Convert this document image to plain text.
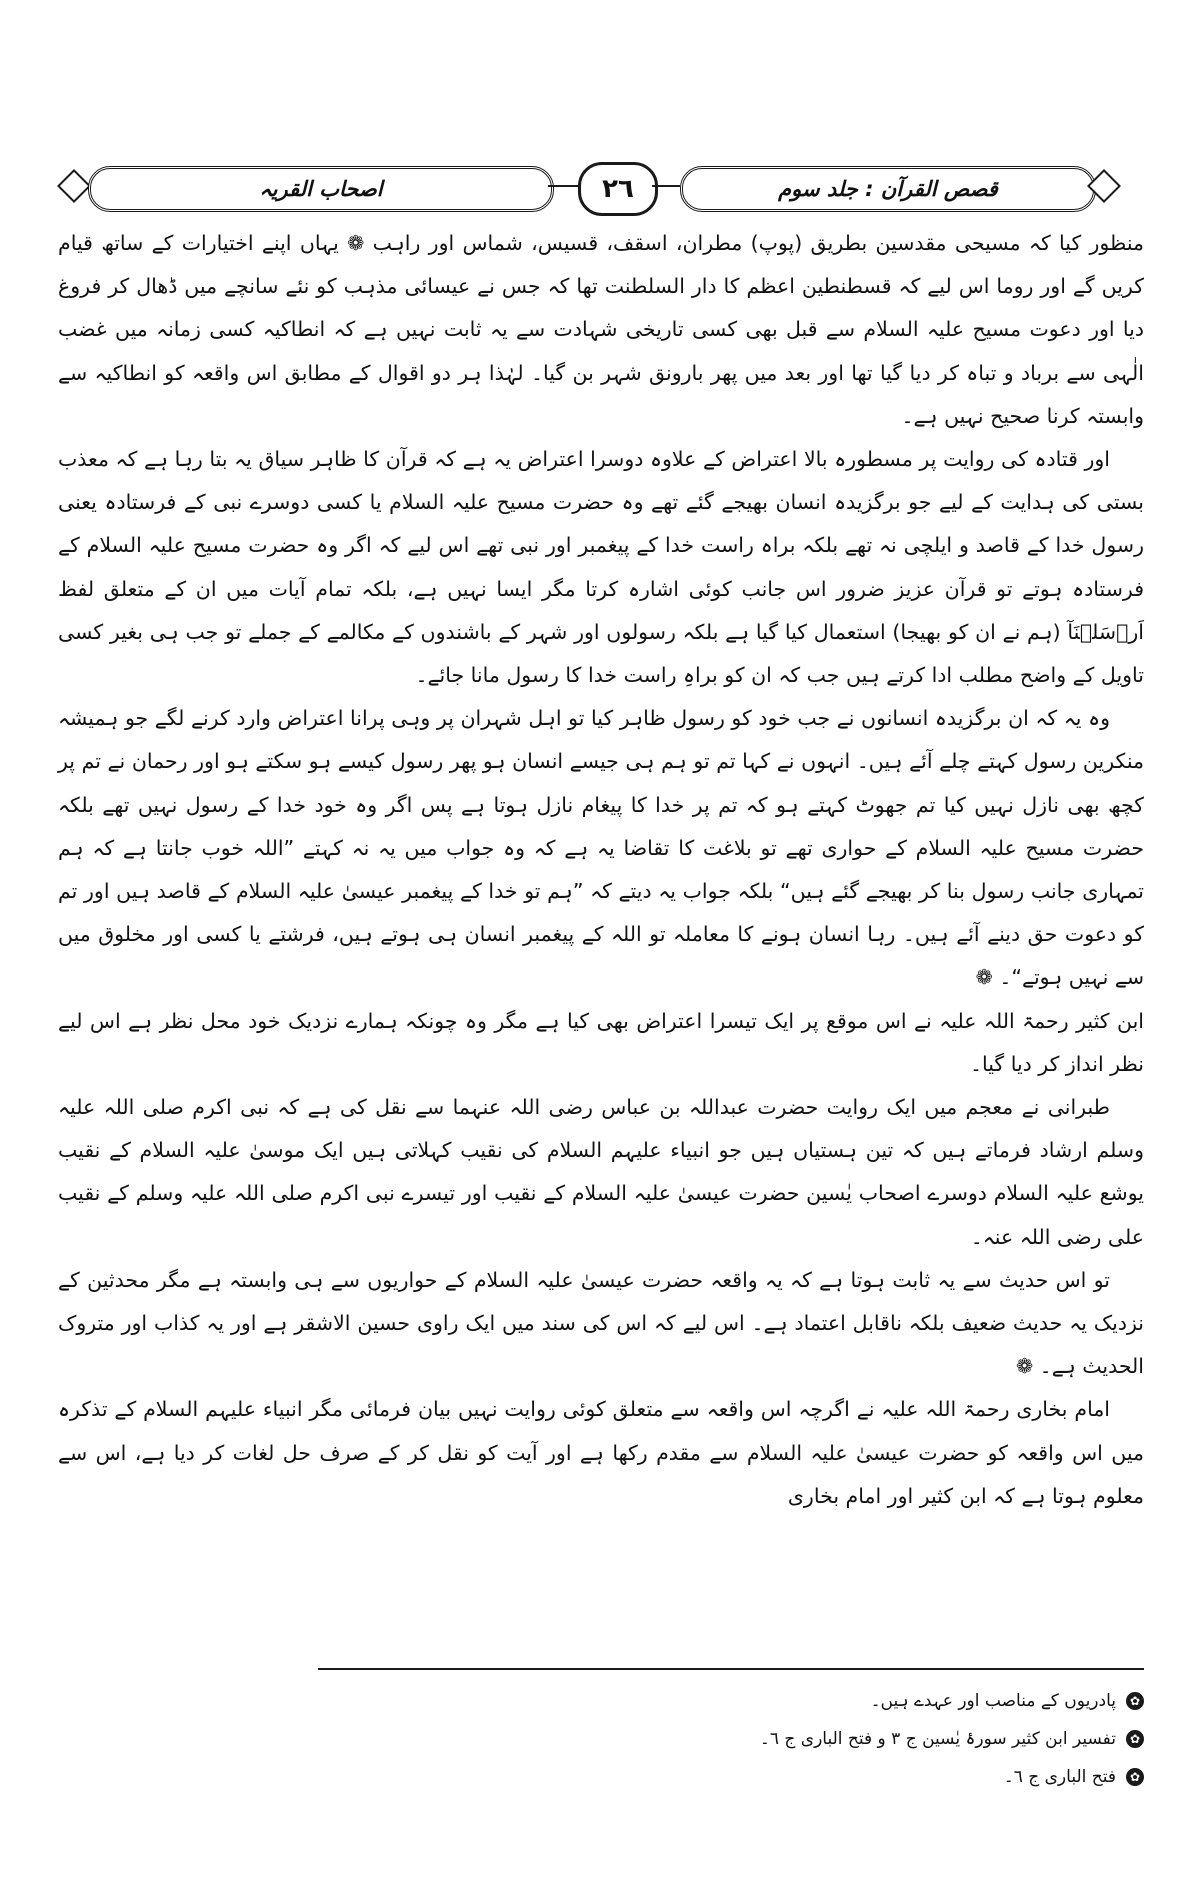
اصحاب القریہ	٢٦	قصص القرآن : جلد سوم

منظور کیا کہ مسیحی مقدسین بطریق (پوپ) مطران، اسقف، قسیس، شماس اور راہب ❁ یہاں اپنے اختیارات کے ساتھ قیام کریں گے اور روما اس لیے کہ قسطنطین اعظم کا دار السلطنت تھا کہ جس نے عیسائی مذہب کو نئے سانچے میں ڈھال کر فروغ دیا اور دعوت مسیح علیہ السلام سے قبل بھی کسی تاریخی شہادت سے یہ ثابت نہیں ہے کہ انطاکیہ کسی زمانہ میں غضب الٰہی سے برباد و تباہ کر دیا گیا تھا اور بعد میں پھر بارونق شہر بن گیا۔ لہٰذا ہر دو اقوال کے مطابق اس واقعہ کو انطاکیہ سے وابستہ کرنا صحیح نہیں ہے۔

اور قتادہ کی روایت پر مسطورہ بالا اعتراض کے علاوہ دوسرا اعتراض یہ ہے کہ قرآن کا ظاہر سیاق یہ بتا رہا ہے کہ معذب بستی کی ہدایت کے لیے جو برگزیدہ انسان بھیجے گئے تھے وہ حضرت مسیح علیہ السلام یا کسی دوسرے نبی کے فرستادہ یعنی رسول خدا کے قاصد و ایلچی نہ تھے بلکہ براہ راست خدا کے پیغمبر اور نبی تھے اس لیے کہ اگر وہ حضرت مسیح علیہ السلام کے فرستادہ ہوتے تو قرآن عزیز ضرور اس جانب کوئی اشارہ کرتا مگر ایسا نہیں ہے، بلکہ تمام آیات میں ان کے متعلق لفظ اَرۡسَلۡنَآ (ہم نے ان کو بھیجا) استعمال کیا گیا ہے بلکہ رسولوں اور شہر کے باشندوں کے مکالمے کے جملے تو جب ہی بغیر کسی تاویل کے واضح مطلب ادا کرتے ہیں جب کہ ان کو براہِ راست خدا کا رسول مانا جائے۔

وہ یہ کہ ان برگزیدہ انسانوں نے جب خود کو رسول ظاہر کیا تو اہل شہران پر وہی پرانا اعتراض وارد کرنے لگے جو ہمیشہ منکرین رسول کہتے چلے آئے ہیں۔ انہوں نے کہا تم تو ہم ہی جیسے انسان ہو پھر رسول کیسے ہو سکتے ہو اور رحمان نے تم پر کچھ بھی نازل نہیں کیا تم جھوٹ کہتے ہو کہ تم پر خدا کا پیغام نازل ہوتا ہے پس اگر وہ خود خدا کے رسول نہیں تھے بلکہ حضرت مسیح علیہ السلام کے حواری تھے تو بلاغت کا تقاضا یہ ہے کہ وہ جواب میں یہ نہ کہتے ”اللہ خوب جانتا ہے کہ ہم تمہاری جانب رسول بنا کر بھیجے گئے ہیں“ بلکہ جواب یہ دیتے کہ ”ہم تو خدا کے پیغمبر عیسیٰ علیہ السلام کے قاصد ہیں اور تم کو دعوت حق دینے آئے ہیں۔ رہا انسان ہونے کا معاملہ تو اللہ کے پیغمبر انسان ہی ہوتے ہیں، فرشتے یا کسی اور مخلوق میں سے نہیں ہوتے“۔ ❁

ابن کثیر رحمۃ اللہ علیہ نے اس موقع پر ایک تیسرا اعتراض بھی کیا ہے مگر وہ چونکہ ہمارے نزدیک خود محل نظر ہے اس لیے نظر انداز کر دیا گیا۔

طبرانی نے معجم میں ایک روایت حضرت عبداللہ بن عباس رضی اللہ عنہما سے نقل کی ہے کہ نبی اکرم صلی اللہ علیہ وسلم ارشاد فرماتے ہیں کہ تین ہستیاں ہیں جو انبیاء علیہم السلام کی نقیب کہلاتی ہیں ایک موسیٰ علیہ السلام کے نقیب یوشع علیہ السلام دوسرے اصحاب یٰسین حضرت عیسیٰ علیہ السلام کے نقیب اور تیسرے نبی اکرم صلی اللہ علیہ وسلم کے نقیب علی رضی اللہ عنہ۔

تو اس حدیث سے یہ ثابت ہوتا ہے کہ یہ واقعہ حضرت عیسیٰ علیہ السلام کے حواریوں سے ہی وابستہ ہے مگر محدثین کے نزدیک یہ حدیث ضعیف بلکہ ناقابل اعتماد ہے۔ اس لیے کہ اس کی سند میں ایک راوی حسین الاشقر ہے اور یہ کذاب اور متروک الحدیث ہے۔ ❁

امام بخاری رحمۃ اللہ علیہ نے اگرچہ اس واقعہ سے متعلق کوئی روایت نہیں بیان فرمائی مگر انبیاء علیہم السلام کے تذکرہ میں اس واقعہ کو حضرت عیسیٰ علیہ السلام سے مقدم رکھا ہے اور آیت کو نقل کر کے صرف حل لغات کر دیا ہے، اس سے معلوم ہوتا ہے کہ ابن کثیر اور امام بخاری

✿
پادریوں کے مناصب اور عہدے ہیں۔
✿
تفسیر ابن کثیر سورۂ یٰسین ج ٣ و فتح الباری ج ٦۔
✿
فتح الباری ج ٦۔
